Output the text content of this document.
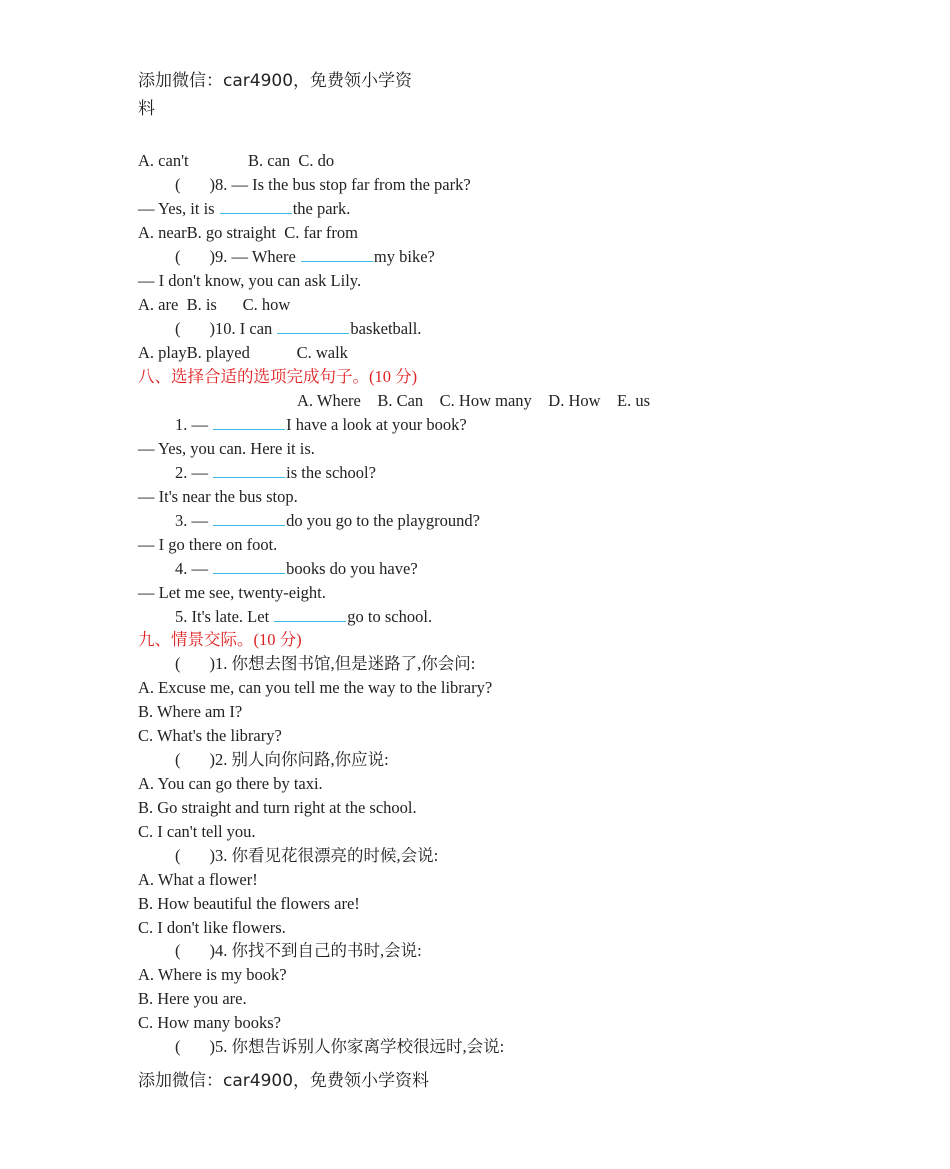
添加微信：car4900，免费领小学资
料
A. can't	B. can C. do
( )8. — Is the bus stop far from the park?
— Yes, it is	the park.
A. nearB. go straight C. far from
( )9. — Where	my bike?
— I don't know, you can ask Lily.
A. are B. is C. how
( )10. I can	basketball.
A. playB. played	C. walk
八、选择合适的选项完成句子。(10 分)
A. Where    B. Can    C. How many    D. How    E. us
1. —	I have a look at your book?
— Yes, you can. Here it is.
2. —	is the school?
— It's near the bus stop.
3. —	do you go to the playground?
— I go there on foot.
4. —	books do you have?
— Let me see, twenty-eight.
5. It's late. Let	go to school.
九、情景交际。(10 分)
( )1. 你想去图书馆,但是迷路了,你会问:
A. Excuse me, can you tell me the way to the library?
B. Where am I?
C. What's the library?
( )2. 别人向你问路,你应说:
A. You can go there by taxi.
B. Go straight and turn right at the school.
C. I can't tell you.
( )3. 你看见花很漂亮的时候,会说:
A. What a flower!
B. How beautiful the flowers are!
C. I don't like flowers.
( )4. 你找不到自己的书时,会说:
A. Where is my book?
B. Here you are.
C. How many books?
( )5. 你想告诉别人你家离学校很远时,会说:
添加微信：car4900，免费领小学资料
